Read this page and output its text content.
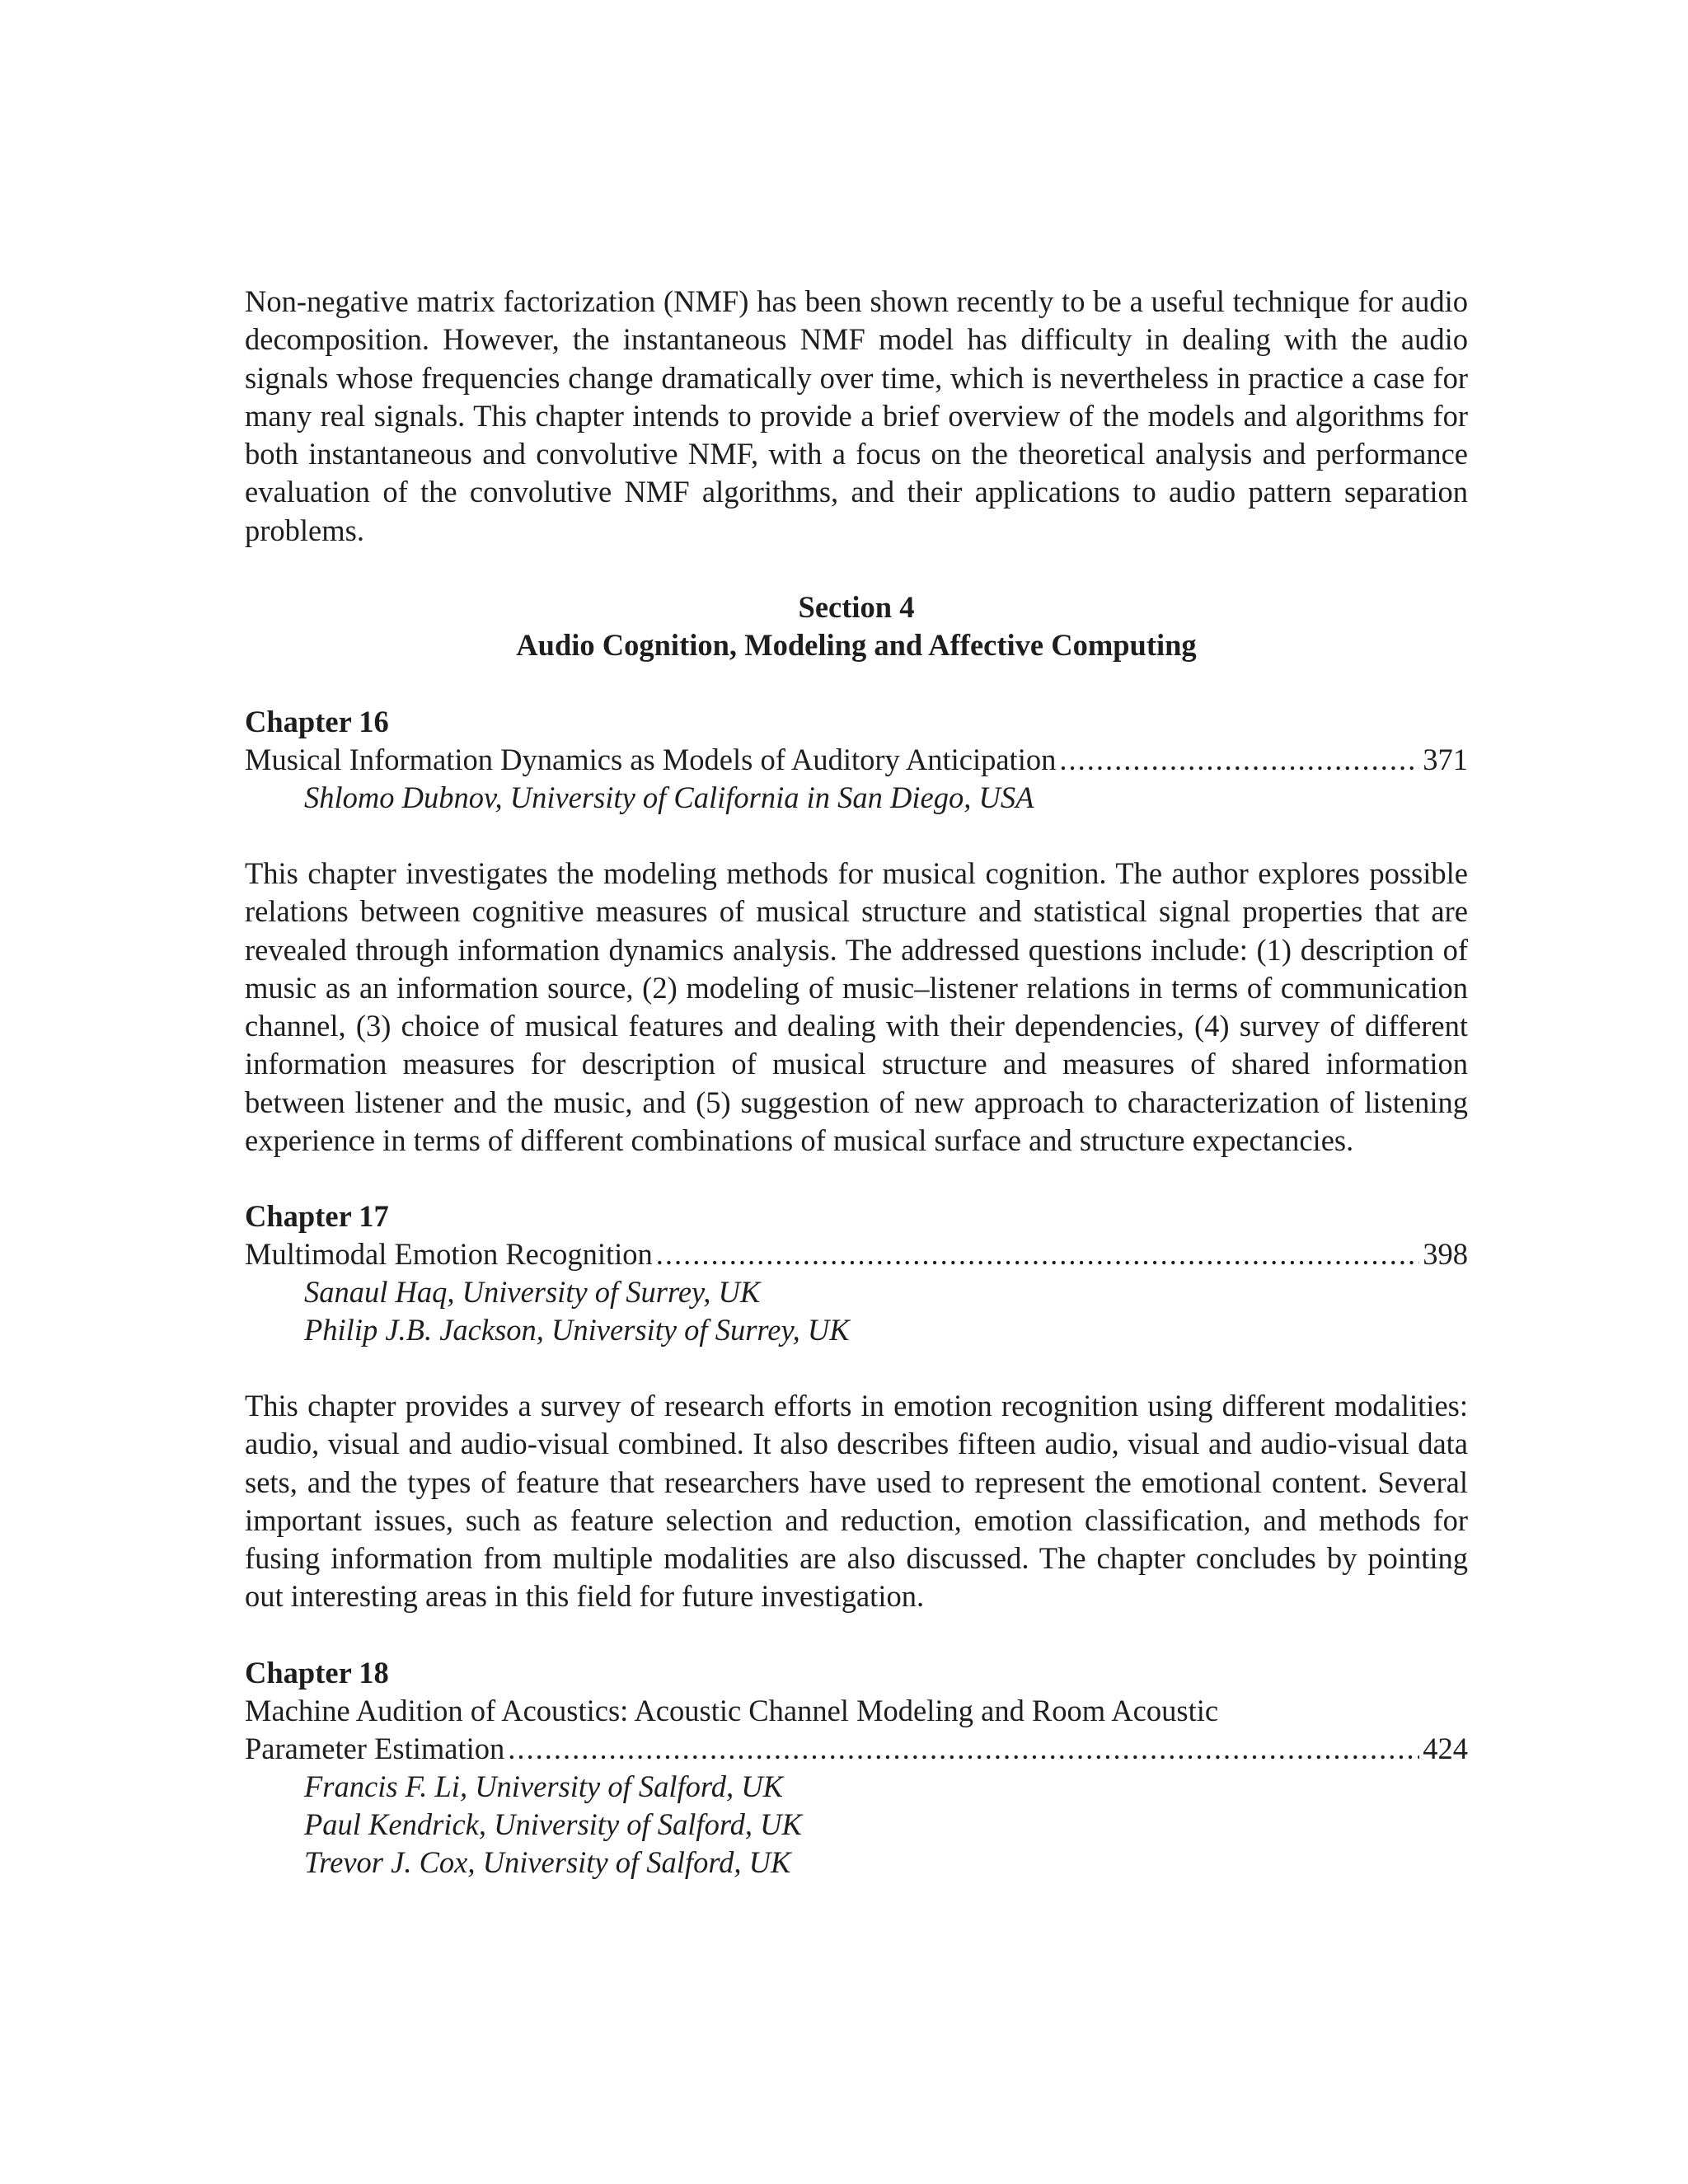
Non-negative matrix factorization (NMF) has been shown recently to be a useful technique for audio decomposition. However, the instantaneous NMF model has difficulty in dealing with the audio signals whose frequencies change dramatically over time, which is nevertheless in practice a case for many real signals. This chapter intends to provide a brief overview of the models and algorithms for both instantaneous and convolutive NMF, with a focus on the theoretical analysis and performance evaluation of the convolutive NMF algorithms, and their applications to audio pattern separation problems.

Section 4
Audio Cognition, Modeling and Affective Computing

Chapter 16

Musical Information Dynamics as Models of Auditory Anticipation .....	371
Shlomo Dubnov, University of California in San Diego, USA

This chapter investigates the modeling methods for musical cognition. The author explores possible relations between cognitive measures of musical structure and statistical signal properties that are revealed through information dynamics analysis. The addressed questions include: (1) description of music as an information source, (2) modeling of music–listener relations in terms of communication channel, (3) choice of musical features and dealing with their dependencies, (4) survey of different information measures for description of musical structure and measures of shared information between listener and the music, and (5) suggestion of new approach to characterization of listening experience in terms of different combinations of musical surface and structure expectancies.

Chapter 17

Multimodal Emotion Recognition .....	398
Sanaul Haq, University of Surrey, UK
Philip J.B. Jackson, University of Surrey, UK

This chapter provides a survey of research efforts in emotion recognition using different modalities: audio, visual and audio-visual combined. It also describes fifteen audio, visual and audio-visual data sets, and the types of feature that researchers have used to represent the emotional content. Several important issues, such as feature selection and reduction, emotion classification, and methods for fusing information from multiple modalities are also discussed. The chapter concludes by pointing out interesting areas in this field for future investigation.

Chapter 18

Machine Audition of Acoustics: Acoustic Channel Modeling and Room Acoustic

Parameter Estimation .....	424
Francis F. Li, University of Salford, UK
Paul Kendrick, University of Salford, UK
Trevor J. Cox, University of Salford, UK
